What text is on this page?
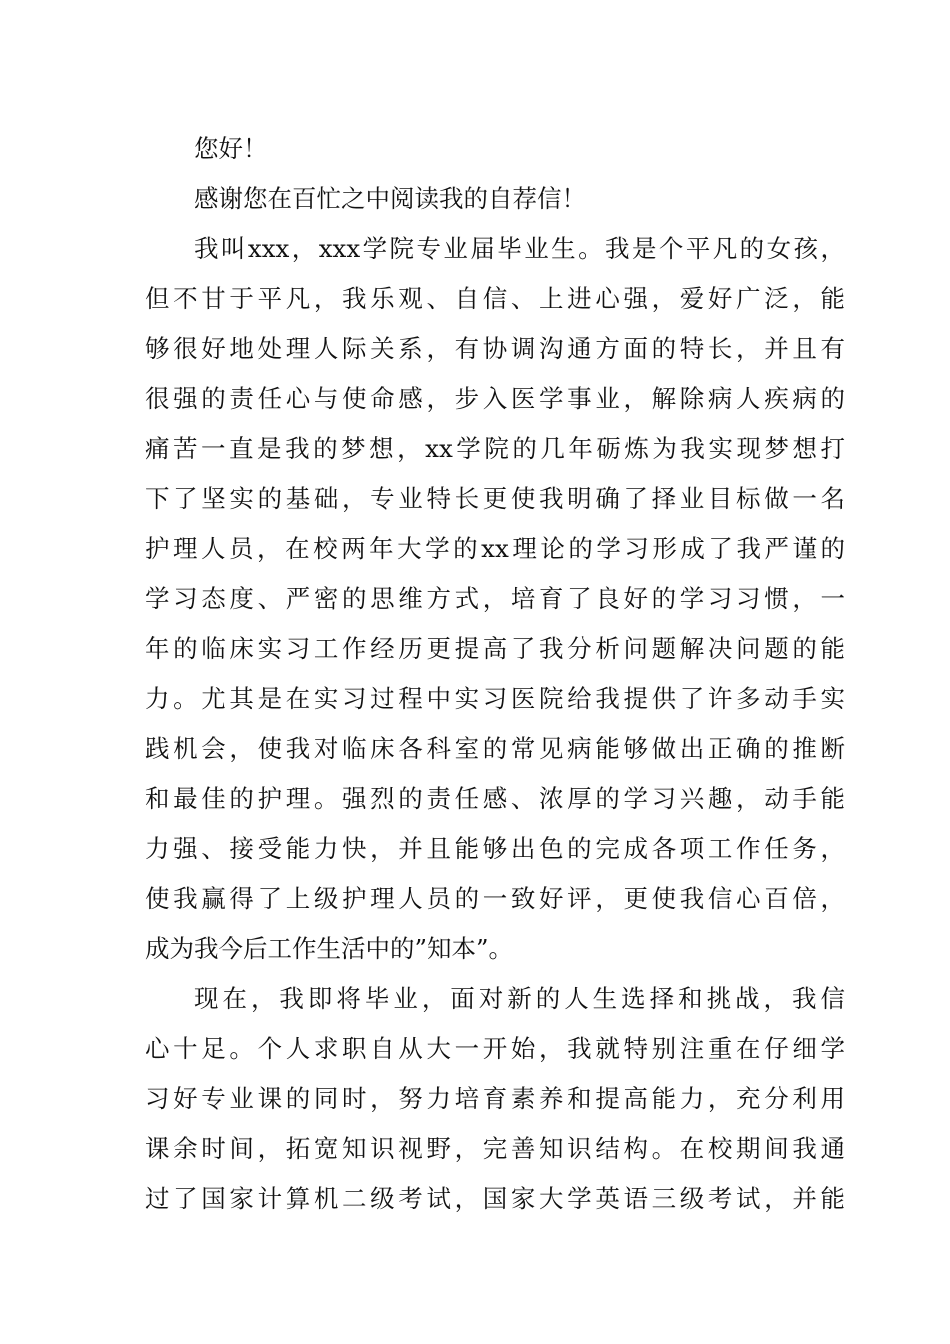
您好！
感谢您在百忙之中阅读我的自荐信！
我叫xxx，xxx学院专业届毕业生。我是个平凡的女孩，
但不甘于平凡，我乐观、自信、上进心强，爱好广泛，能
够很好地处理人际关系，有协调沟通方面的特长，并且有
很强的责任心与使命感，步入医学事业，解除病人疾病的
痛苦一直是我的梦想，xx学院的几年砺炼为我实现梦想打
下了坚实的基础，专业特长更使我明确了择业目标做一名
护理人员，在校两年大学的xx理论的学习形成了我严谨的
学习态度、严密的思维方式，培育了良好的学习习惯，一
年的临床实习工作经历更提高了我分析问题解决问题的能
力。尤其是在实习过程中实习医院给我提供了许多动手实
践机会，使我对临床各科室的常见病能够做出正确的推断
和最佳的护理。强烈的责任感、浓厚的学习兴趣，动手能
力强、接受能力快，并且能够出色的完成各项工作任务，
使我赢得了上级护理人员的一致好评，更使我信心百倍，
成为我今后工作生活中的”知本”。
现在，我即将毕业，面对新的人生选择和挑战，我信
心十足。个人求职自从大一开始，我就特别注重在仔细学
习好专业课的同时，努力培育素养和提高能力，充分利用
课余时间，拓宽知识视野，完善知识结构。在校期间我通
过了国家计算机二级考试，国家大学英语三级考试，并能
